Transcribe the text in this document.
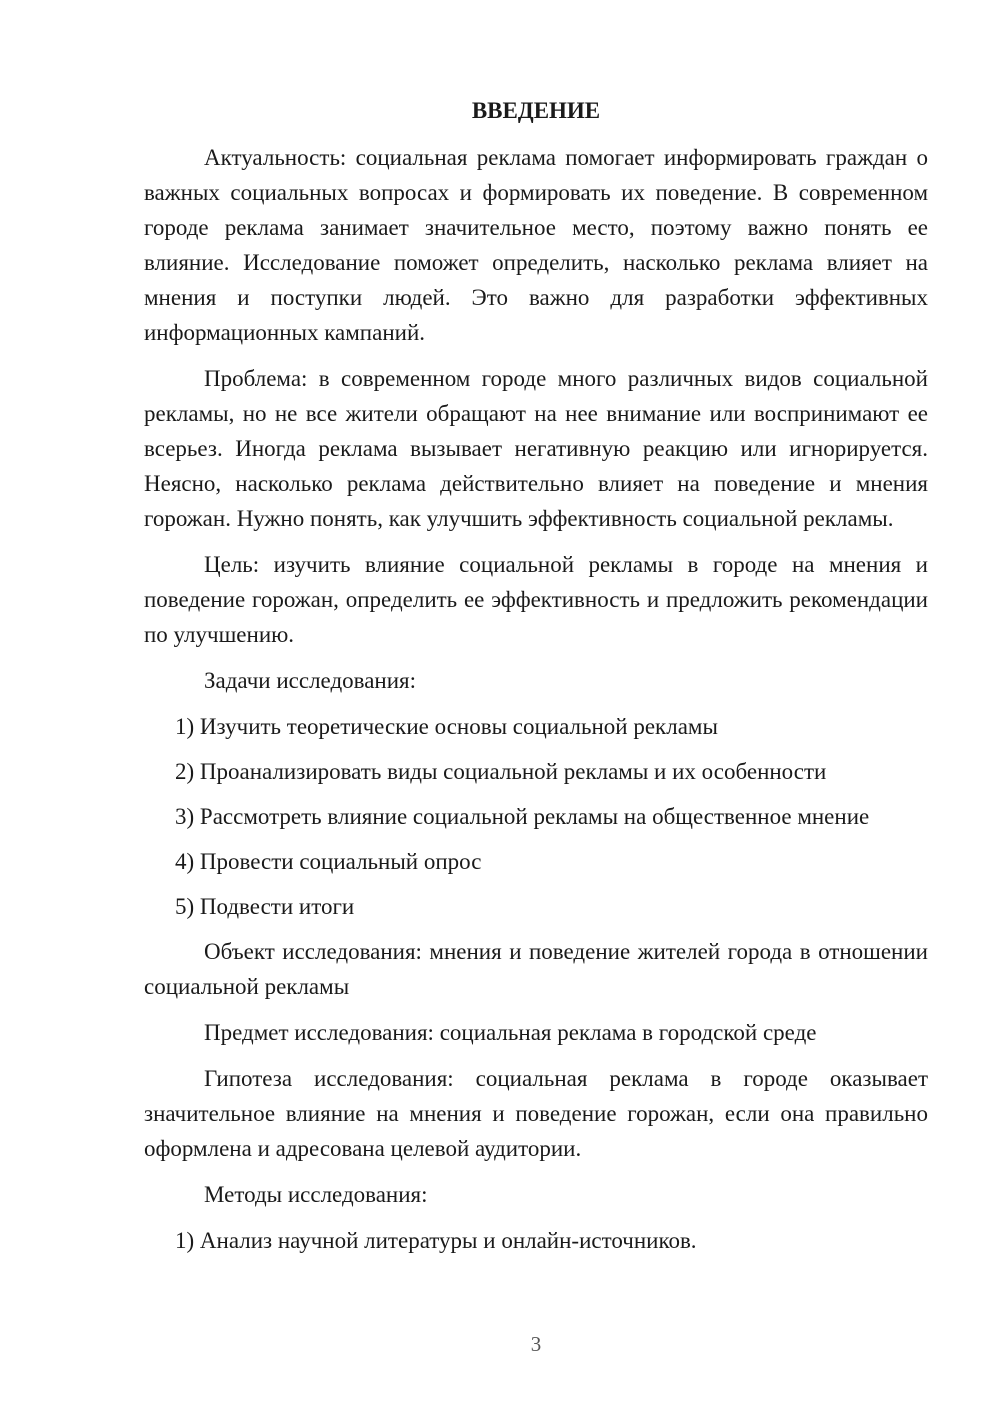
ВВЕДЕНИЕ

Актуальность: социальная реклама помогает информировать граждан о важных социальных вопросах и формировать их поведение. В современном городе реклама занимает значительное место, поэтому важно понять ее влияние. Исследование поможет определить, насколько реклама влияет на мнения и поступки людей. Это важно для разработки эффективных информационных кампаний.

Проблема: в современном городе много различных видов социальной рекламы, но не все жители обращают на нее внимание или воспринимают ее всерьез. Иногда реклама вызывает негативную реакцию или игнорируется. Неясно, насколько реклама действительно влияет на поведение и мнения горожан. Нужно понять, как улучшить эффективность социальной рекламы.

Цель: изучить влияние социальной рекламы в городе на мнения и поведение горожан, определить ее эффективность и предложить рекомендации по улучшению.

Задачи исследования:

1) Изучить теоретические основы социальной рекламы
2) Проанализировать виды социальной рекламы и их особенности
3) Рассмотреть влияние социальной рекламы на общественное мнение
4) Провести социальный опрос
5) Подвести итоги

Объект исследования: мнения и поведение жителей города в отношении социальной рекламы

Предмет исследования: социальная реклама в городской среде

Гипотеза исследования: социальная реклама в городе оказывает значительное влияние на мнения и поведение горожан, если она правильно оформлена и адресована целевой аудитории.

Методы исследования:

1) Анализ научной литературы и онлайн-источников.
3
